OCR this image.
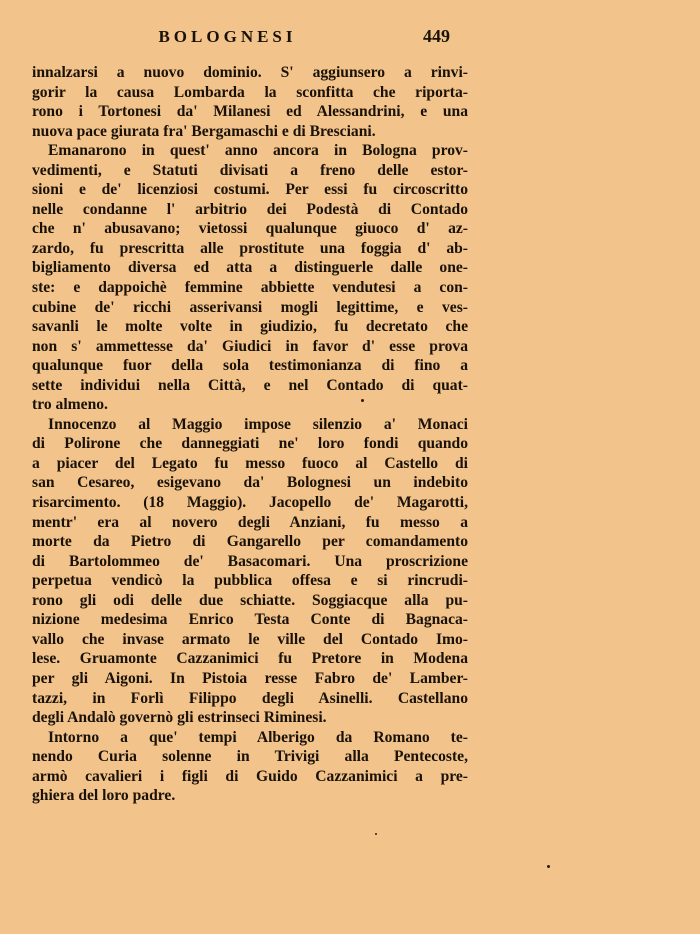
BOLOGNESI	449
innalzarsi a nuovo dominio. S' aggiunsero a rinvi-
gorir la causa Lombarda la sconfitta che riporta-
rono i Tortonesi da' Milanesi ed Alessandrini, e una
nuova pace giurata fra' Bergamaschi e di Bresciani.
Emanarono in quest' anno ancora in Bologna prov-
vedimenti, e Statuti divisati a freno delle estor-
sioni e de' licenziosi costumi. Per essi fu circoscritto
nelle condanne l' arbitrio dei Podestà di Contado
che n' abusavano; vietossi qualunque giuoco d' az-
zardo, fu prescritta alle prostitute una foggia d' ab-
bigliamento diversa ed atta a distinguerle dalle one-
ste: e dappoichè femmine abbiette vendutesi a con-
cubine de' ricchi asserivansi mogli legittime, e ves-
savanli le molte volte in giudizio, fu decretato che
non s' ammettesse da' Giudici in favor d' esse prova
qualunque fuor della sola testimonianza di fino a
sette individui nella Città, e nel Contado di quat-
tro almeno.
Innocenzo al Maggio impose silenzio a' Monaci
di Polirone che danneggiati ne' loro fondi quando
a piacer del Legato fu messo fuoco al Castello di
san Cesareo, esigevano da' Bolognesi un indebito
risarcimento. (18 Maggio). Jacopello de' Magarotti,
mentr' era al novero degli Anziani, fu messo a
morte da Pietro di Gangarello per comandamento
di Bartolommeo de' Basacomari. Una proscrizione
perpetua vendicò la pubblica offesa e si rincrudi-
rono gli odi delle due schiatte. Soggiacque alla pu-
nizione medesima Enrico Testa Conte di Bagnaca-
vallo che invase armato le ville del Contado Imo-
lese. Gruamonte Cazzanimici fu Pretore in Modena
per gli Aigoni. In Pistoia resse Fabro de' Lamber-
tazzi, in Forlì Filippo degli Asinelli. Castellano
degli Andalò governò gli estrinseci Riminesi.
Intorno a que' tempi Alberigo da Romano te-
nendo Curia solenne in Trivigi alla Pentecoste,
armò cavalieri i figli di Guido Cazzanimici a pre-
ghiera del loro padre.
